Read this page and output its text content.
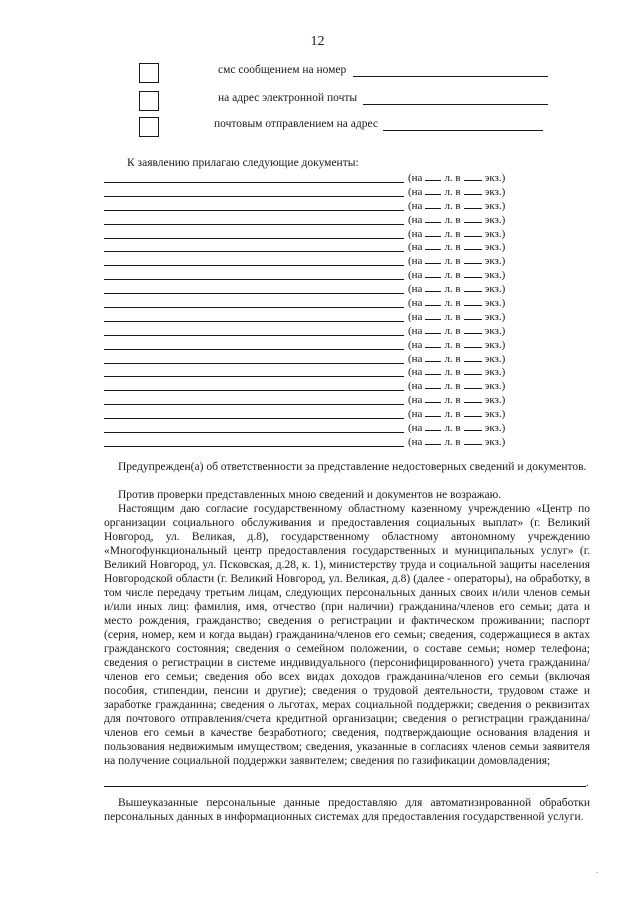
12
смс сообщением на номер
на адрес электронной почты
почтовым отправлением на адрес
К заявлению прилагаю следующие документы:
(на л. в экз.)
(на л. в экз.)
(на л. в экз.)
(на л. в экз.)
(на л. в экз.)
(на л. в экз.)
(на л. в экз.)
(на л. в экз.)
(на л. в экз.)
(на л. в экз.)
(на л. в экз.)
(на л. в экз.)
(на л. в экз.)
(на л. в экз.)
(на л. в экз.)
(на л. в экз.)
(на л. в экз.)
(на л. в экз.)
(на л. в экз.)
(на л. в экз.)
Предупрежден(а) об ответственности за представление недостоверных сведений и документов.
Против проверки представленных мною сведений и документов не возражаю.
Настоящим даю согласие государственному областному казенному учреждению «Центр по организации социального обслуживания и предоставления социальных выплат» (г. Великий Новгород, ул. Великая, д.8), государственному областному автономному учреждению «Многофункциональный центр предоставления государственных и муниципальных услуг» (г. Великий Новгород, ул. Псковская, д.28, к. 1), министерству труда и социальной защиты населения Новгородской области (г. Великий Новгород, ул. Великая, д.8) (далее - операторы), на обработку, в том числе передачу третьим лицам, следующих персональных данных своих и/или членов семьи и/или иных лиц: фамилия, имя, отчество (при наличии) гражданина/членов его семьи; дата и место рождения, гражданство; сведения о регистрации и фактическом проживании; паспорт (серия, номер, кем и когда выдан) гражданина/членов его семьи; сведения, содержащиеся в актах гражданского состояния; сведения о семейном положении, о составе семьи; номер телефона; сведения о регистрации в системе индивидуального (персонифицированного) учета гражданина/членов его семьи; сведения обо всех видах доходов гражданина/членов его семьи (включая пособия, стипендии, пенсии и другие); сведения о трудовой деятельности, трудовом стаже и заработке гражданина; сведения о льготах, мерах социальной поддержки; сведения о реквизитах для почтового отправления/счета кредитной организации; сведения о регистрации гражданина/членов его семьи в качестве безработного; сведения, подтверждающие основания владения и пользования недвижимым имуществом; сведения, указанные в согласиях членов семьи заявителя на получение социальной поддержки заявителем; сведения по газификации домовладения;
.
Вышеуказанные персональные данные предоставляю для автоматизированной обработки персональных данных в информационных системах для предоставления государственной услуги.
.
